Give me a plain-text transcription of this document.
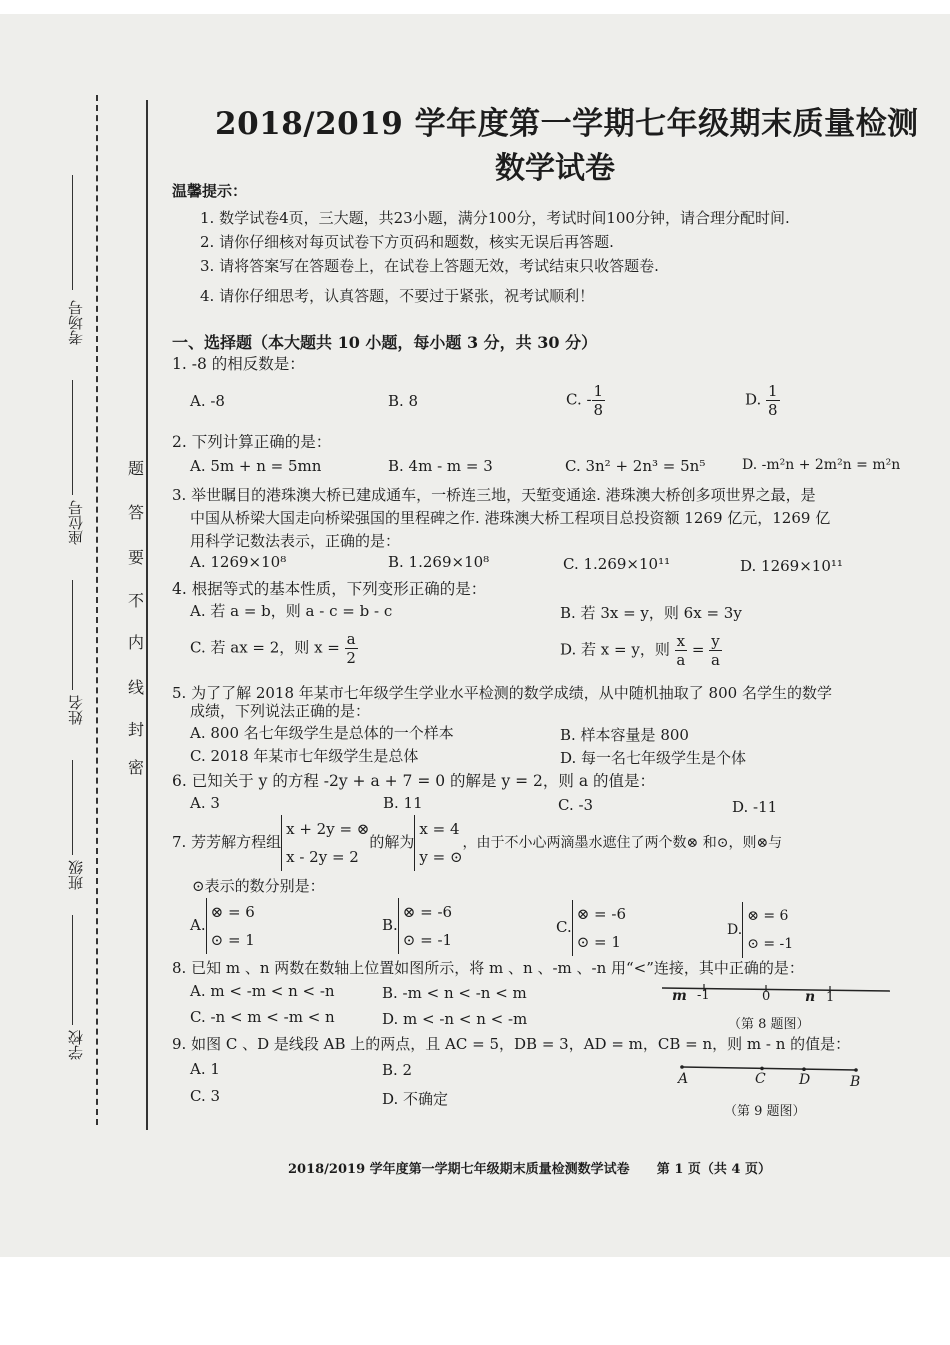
考场号
座位号
姓名
班级
学校
密
封
线
内
不
要
答
题
2018/2019 学年度第一学期七年级期末质量检测
数学试卷
温馨提示：
1. 数学试卷4页，三大题，共23小题，满分100分，考试时间100分钟，请合理分配时间.
2. 请你仔细核对每页试卷下方页码和题数，核实无误后再答题.
3. 请将答案写在答题卷上，在试卷上答题无效，考试结束只收答题卷.
4. 请你仔细思考，认真答题，不要过于紧张，祝考试顺利！
一、选择题（本大题共 10 小题，每小题 3 分，共 30 分）
1. -8 的相反数是：
A. -8	B. 8	C. - $\frac{1}{8}$	D. $\frac{1}{8}$
2. 下列计算正确的是：
A. 5m + n = 5mn	B. 4m - m = 3	C. 3n² + 2n³ = 5n⁵	D. -m²n + 2m²n = m²n
3. 举世瞩目的港珠澳大桥已建成通车，一桥连三地，天堑变通途. 港珠澳大桥创多项世界之最，是
中国从桥梁大国走向桥梁强国的里程碑之作. 港珠澳大桥工程项目总投资额 1269 亿元，1269 亿
用科学记数法表示，正确的是：
A. 1269×10⁸	B. 1.269×10⁸	C. 1.269×10¹¹	D. 1269×10¹¹
4. 根据等式的基本性质，下列变形正确的是：
A. 若 a = b，则 a - c = b - c	B. 若 3x = y，则 6x = 3y
C. 若 ax = 2，则 $x = \frac{a}{2}$	D. 若 x = y，则 $\frac{x}{a} = \frac{y}{a}$
5. 为了了解 2018 年某市七年级学生学业水平检测的数学成绩，从中随机抽取了 800 名学生的数学
成绩，下列说法正确的是：
A. 800 名七年级学生是总体的一个样本	B. 样本容量是 800
C. 2018 年某市七年级学生是总体	D. 每一名七年级学生是个体
6. 已知关于 y 的方程 -2y + a + 7 = 0 的解是 y = 2，则 a 的值是：
A. 3	B. 11	C. -3	D. -11
7. 芳芳解方程组
x + 2y = ⊗
x - 2y = 2
的解为
x = 4
y = ⊙
，由于不小心两滴墨水遮住了两个数⊗ 和⊙，则⊗与
⊙表示的数分别是：
A.
⊗ = 6
⊙ = 1
B.
⊗ = -6
⊙ = -1
C.
⊗ = -6
⊙ = 1
D.
⊗ = 6
⊙ = -1
8. 已知 m 、n 两数在数轴上位置如图所示，将 m 、n 、-m 、-n 用“<”连接，其中正确的是：
A. m < -m < n < -n	B. -m < n < -n < m
C. -n < m < -m < n	D. m < -n < n < -m
m -1	0 n 1
（第 8 题图）
9. 如图 C 、D 是线段 AB 上的两点，且 AC = 5，DB = 3，AD = m，CB = n，则 m - n 的值是：
A. 1	B. 2
C. 3	D. 不确定
A	C D	B
（第 9 题图）
2018/2019 学年度第一学期七年级期末质量检测数学试卷 第 1 页（共 4 页）
